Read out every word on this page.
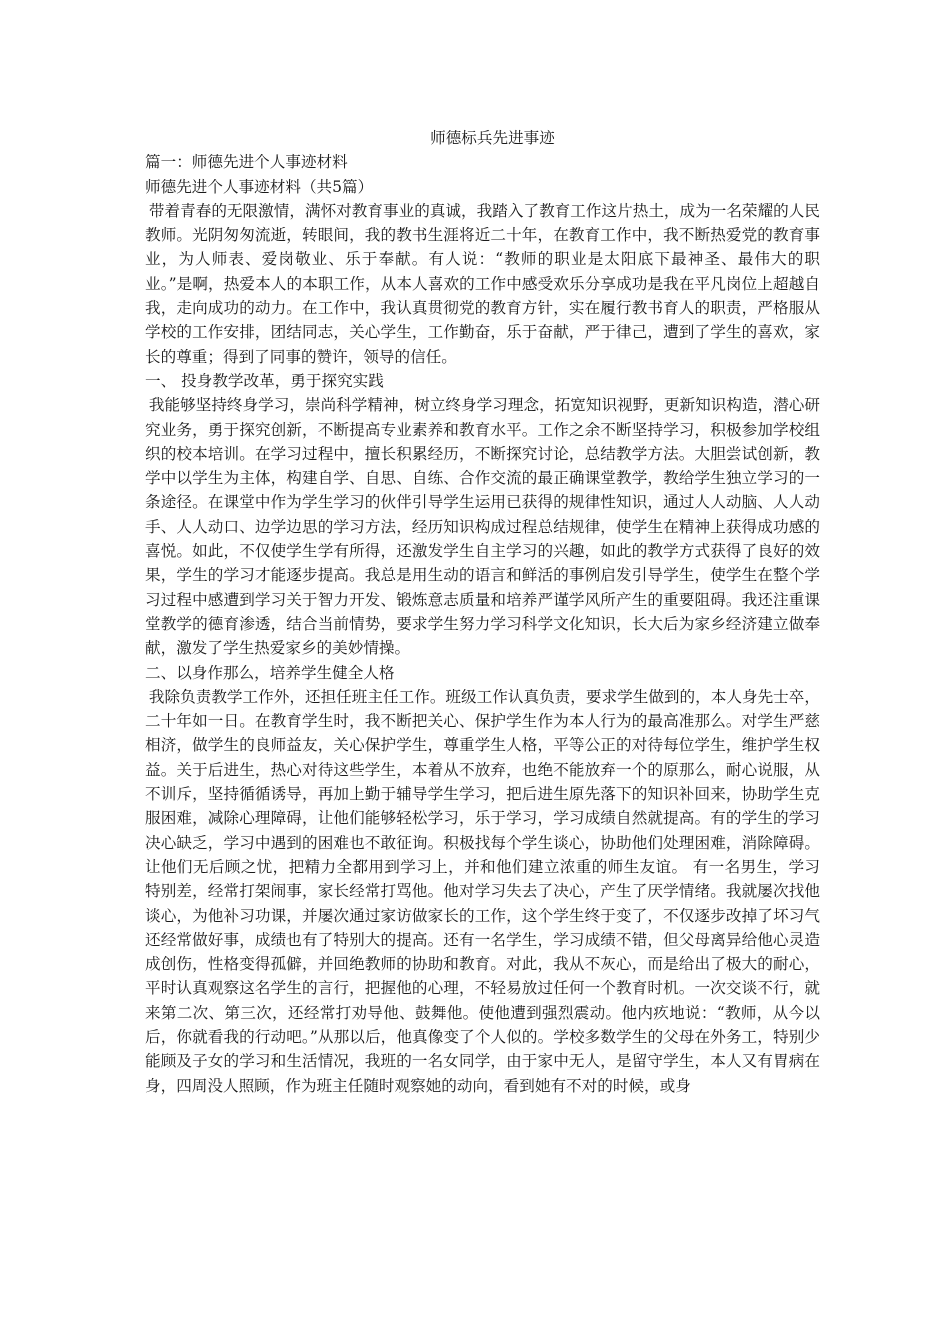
师德标兵先进事迹

篇一：师德先进个人事迹材料

师德先进个人事迹材料（共5篇）

带着青春的无限激情，满怀对教育事业的真诚，我踏入了教育工作这片热土，成为一名荣耀的人民教师。光阴匆匆流逝，转眼间，我的教书生涯将近二十年，在教育工作中，我不断热爱党的教育事业，为人师表、爱岗敬业、乐于奉献。有人说：“教师的职业是太阳底下最神圣、最伟大的职业。”是啊，热爱本人的本职工作，从本人喜欢的工作中感受欢乐分享成功是我在平凡岗位上超越自我，走向成功的动力。在工作中，我认真贯彻党的教育方针，实在履行教书育人的职责，严格服从学校的工作安排，团结同志，关心学生，工作勤奋，乐于奋献，严于律己，遭到了学生的喜欢，家长的尊重；得到了同事的赞许，领导的信任。

一、 投身教学改革，勇于探究实践

我能够坚持终身学习，崇尚科学精神，树立终身学习理念，拓宽知识视野，更新知识构造，潜心研究业务，勇于探究创新，不断提高专业素养和教育水平。工作之余不断坚持学习，积极参加学校组织的校本培训。在学习过程中，擅长积累经历，不断探究讨论，总结教学方法。大胆尝试创新，教学中以学生为主体，构建自学、自思、自练、合作交流的最正确课堂教学，教给学生独立学习的一条途径。在课堂中作为学生学习的伙伴引导学生运用已获得的规律性知识，通过人人动脑、人人动手、人人动口、边学边思的学习方法，经历知识构成过程总结规律，使学生在精神上获得成功感的喜悦。如此，不仅使学生学有所得，还激发学生自主学习的兴趣，如此的教学方式获得了良好的效果，学生的学习才能逐步提高。我总是用生动的语言和鲜活的事例启发引导学生，使学生在整个学习过程中感遭到学习关于智力开发、锻炼意志质量和培养严谨学风所产生的重要阻碍。我还注重课堂教学的德育渗透，结合当前情势，要求学生努力学习科学文化知识，长大后为家乡经济建立做奉献，激发了学生热爱家乡的美妙情操。

二、以身作那么，培养学生健全人格

我除负责教学工作外，还担任班主任工作。班级工作认真负责，要求学生做到的，本人身先士卒，二十年如一日。在教育学生时，我不断把关心、保护学生作为本人行为的最高准那么。对学生严慈相济，做学生的良师益友，关心保护学生，尊重学生人格，平等公正的对待每位学生，维护学生权益。关于后进生，热心对待这些学生，本着从不放弃，也绝不能放弃一个的原那么，耐心说服，从不训斥，坚持循循诱导，再加上勤于辅导学生学习，把后进生原先落下的知识补回来，协助学生克服困难，减除心理障碍，让他们能够轻松学习，乐于学习，学习成绩自然就提高。有的学生的学习决心缺乏，学习中遇到的困难也不敢征询。积极找每个学生谈心，协助他们处理困难，消除障碍。让他们无后顾之忧，把精力全都用到学习上，并和他们建立浓重的师生友谊。 有一名男生，学习特别差，经常打架闹事，家长经常打骂他。他对学习失去了决心，产生了厌学情绪。我就屡次找他谈心，为他补习功课，并屡次通过家访做家长的工作，这个学生终于变了，不仅逐步改掉了坏习气还经常做好事，成绩也有了特别大的提高。还有一名学生，学习成绩不错，但父母离异给他心灵造成创伤，性格变得孤僻，并回绝教师的协助和教育。对此，我从不灰心，而是给出了极大的耐心，平时认真观察这名学生的言行，把握他的心理，不轻易放过任何一个教育时机。一次交谈不行，就来第二次、第三次，还经常打劝导他、鼓舞他。使他遭到强烈震动。他内疚地说：“教师，从今以后，你就看我的行动吧。”从那以后，他真像变了个人似的。学校多数学生的父母在外务工，特别少能顾及子女的学习和生活情况，我班的一名女同学，由于家中无人，是留守学生，本人又有胃病在身，四周没人照顾，作为班主任随时观察她的动向，看到她有不对的时候，或身
